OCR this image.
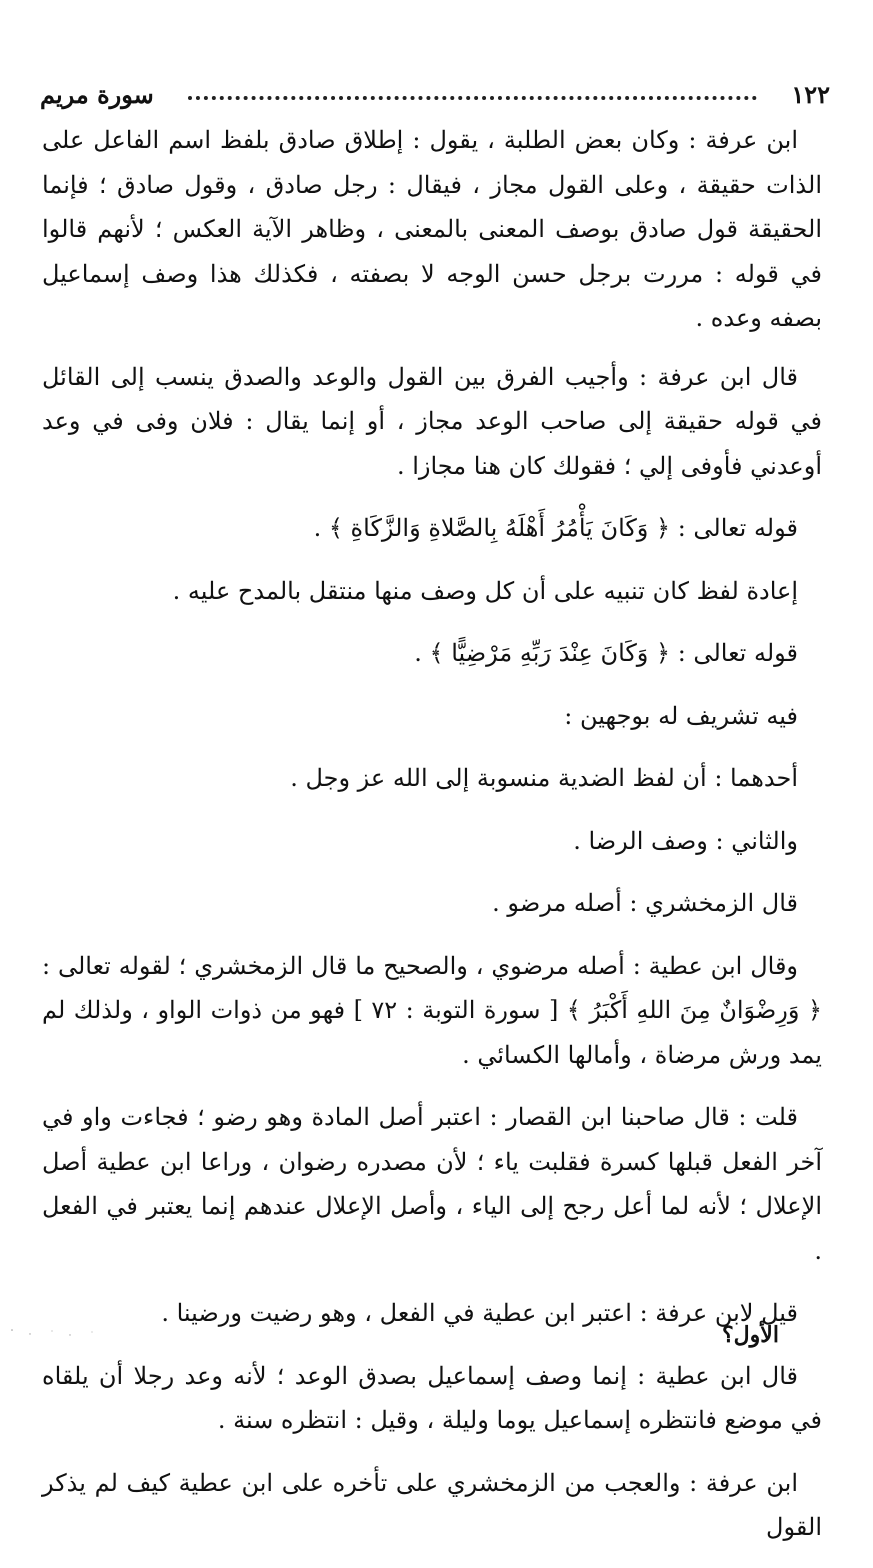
١٢٢
سورة مريم

ابن عرفة : وكان بعض الطلبة ، يقول : إطلاق صادق بلفظ اسم الفاعل على الذات حقيقة ، وعلى القول مجاز ، فيقال : رجل صادق ، وقول صادق ؛ فإنما الحقيقة قول صادق بوصف المعنى بالمعنى ، وظاهر الآية العكس ؛ لأنهم قالوا في قوله : مررت برجل حسن الوجه لا بصفته ، فكذلك هذا وصف إسماعيل بصفه وعده .

قال ابن عرفة : وأجيب الفرق بين القول والوعد والصدق ينسب إلى القائل في قوله حقيقة إلى صاحب الوعد مجاز ، أو إنما يقال : فلان وفى في وعد أوعدني فأوفى إلي ؛ فقولك كان هنا مجازا .

قوله تعالى : ﴿ وَكَانَ يَأْمُرُ أَهْلَهُ بِالصَّلاةِ وَالزَّكَاةِ ﴾ .

إعادة لفظ كان تنبيه على أن كل وصف منها منتقل بالمدح عليه .

قوله تعالى : ﴿ وَكَانَ عِنْدَ رَبِّهِ مَرْضِيًّا ﴾ .

فيه تشريف له بوجهين :

أحدهما : أن لفظ الضدية منسوبة إلى الله عز وجل .

والثاني : وصف الرضا .

قال الزمخشري : أصله مرضو .

وقال ابن عطية : أصله مرضوي ، والصحيح ما قال الزمخشري ؛ لقوله تعالى : ﴿ وَرِضْوَانٌ مِنَ اللهِ أَكْبَرُ ﴾ [ سورة التوبة : ٧٢ ] فهو من ذوات الواو ، ولذلك لم يمد ورش مرضاة ، وأمالها الكسائي .

قلت : قال صاحبنا ابن القصار : اعتبر أصل المادة وهو رضو ؛ فجاءت واو في آخر الفعل قبلها كسرة فقلبت ياء ؛ لأن مصدره رضوان ، وراعا ابن عطية أصل الإعلال ؛ لأنه لما أعل رجح إلى الياء ، وأصل الإعلال عندهم إنما يعتبر في الفعل .

قيل لابن عرفة : اعتبر ابن عطية في الفعل ، وهو رضيت ورضينا .

قال ابن عطية : إنما وصف إسماعيل بصدق الوعد ؛ لأنه وعد رجلا أن يلقاه في موضع فانتظره إسماعيل يوما وليلة ، وقيل : انتظره سنة .

ابن عرفة : والعجب من الزمخشري على تأخره على ابن عطية كيف لم يذكر القول

الأول؟
